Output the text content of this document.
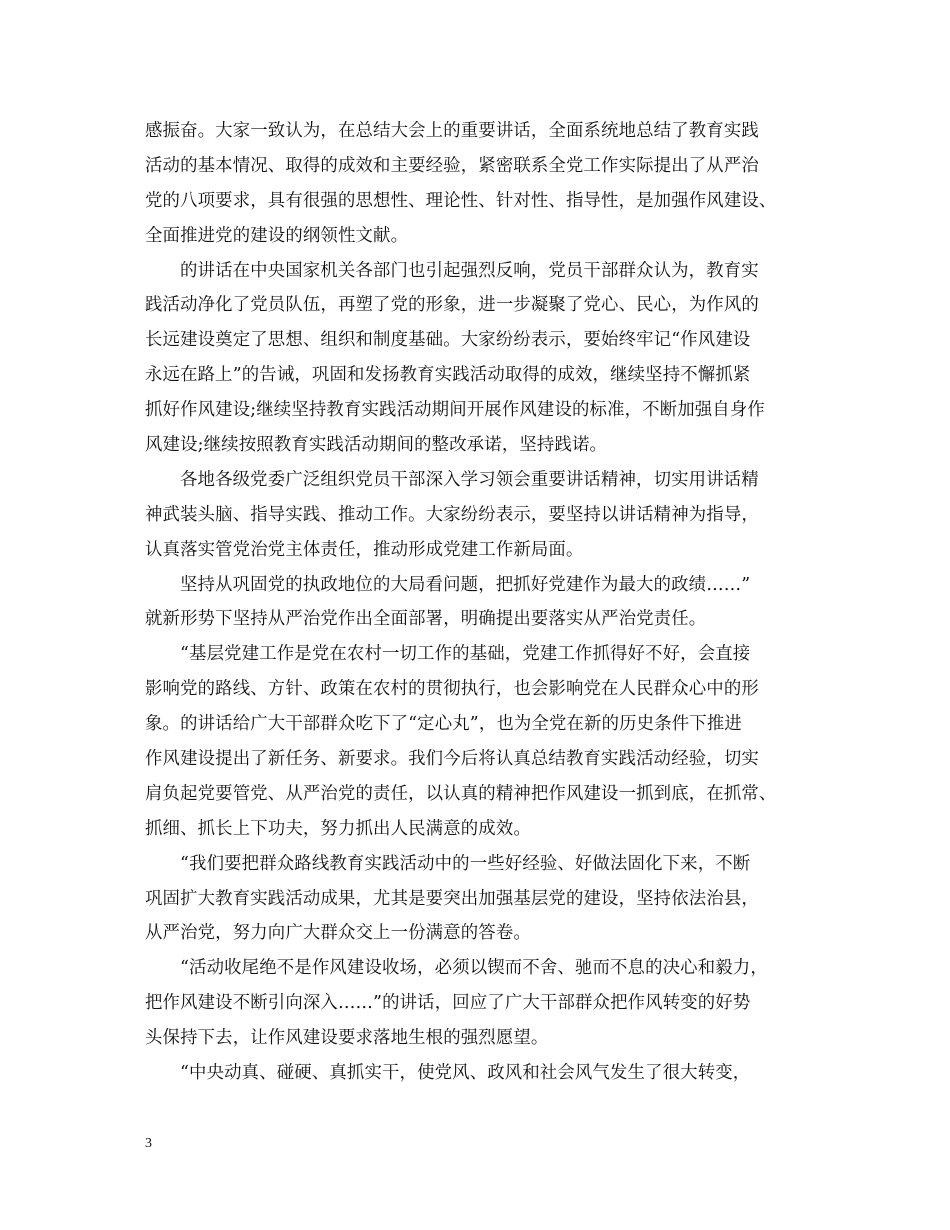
感振奋。大家一致认为，在总结大会上的重要讲话，全面系统地总结了教育实践
活动的基本情况、取得的成效和主要经验，紧密联系全党工作实际提出了从严治
党的八项要求，具有很强的思想性、理论性、针对性、指导性，是加强作风建设、
全面推进党的建设的纲领性文献。
的讲话在中央国家机关各部门也引起强烈反响，党员干部群众认为，教育实
践活动净化了党员队伍，再塑了党的形象，进一步凝聚了党心、民心，为作风的
长远建设奠定了思想、组织和制度基础。大家纷纷表示，要始终牢记“作风建设
永远在路上”的告诫，巩固和发扬教育实践活动取得的成效，继续坚持不懈抓紧
抓好作风建设;继续坚持教育实践活动期间开展作风建设的标准，不断加强自身作
风建设;继续按照教育实践活动期间的整改承诺，坚持践诺。
各地各级党委广泛组织党员干部深入学习领会重要讲话精神，切实用讲话精
神武装头脑、指导实践、推动工作。大家纷纷表示，要坚持以讲话精神为指导，
认真落实管党治党主体责任，推动形成党建工作新局面。
坚持从巩固党的执政地位的大局看问题，把抓好党建作为最大的政绩……”
就新形势下坚持从严治党作出全面部署，明确提出要落实从严治党责任。
“基层党建工作是党在农村一切工作的基础，党建工作抓得好不好，会直接
影响党的路线、方针、政策在农村的贯彻执行，也会影响党在人民群众心中的形
象。的讲话给广大干部群众吃下了“定心丸”，也为全党在新的历史条件下推进
作风建设提出了新任务、新要求。我们今后将认真总结教育实践活动经验，切实
肩负起党要管党、从严治党的责任，以认真的精神把作风建设一抓到底，在抓常、
抓细、抓长上下功夫，努力抓出人民满意的成效。
“我们要把群众路线教育实践活动中的一些好经验、好做法固化下来，不断
巩固扩大教育实践活动成果，尤其是要突出加强基层党的建设，坚持依法治县，
从严治党，努力向广大群众交上一份满意的答卷。
“活动收尾绝不是作风建设收场，必须以锲而不舍、驰而不息的决心和毅力，
把作风建设不断引向深入……”的讲话，回应了广大干部群众把作风转变的好势
头保持下去，让作风建设要求落地生根的强烈愿望。
“中央动真、碰硬、真抓实干，使党风、政风和社会风气发生了很大转变，
3
